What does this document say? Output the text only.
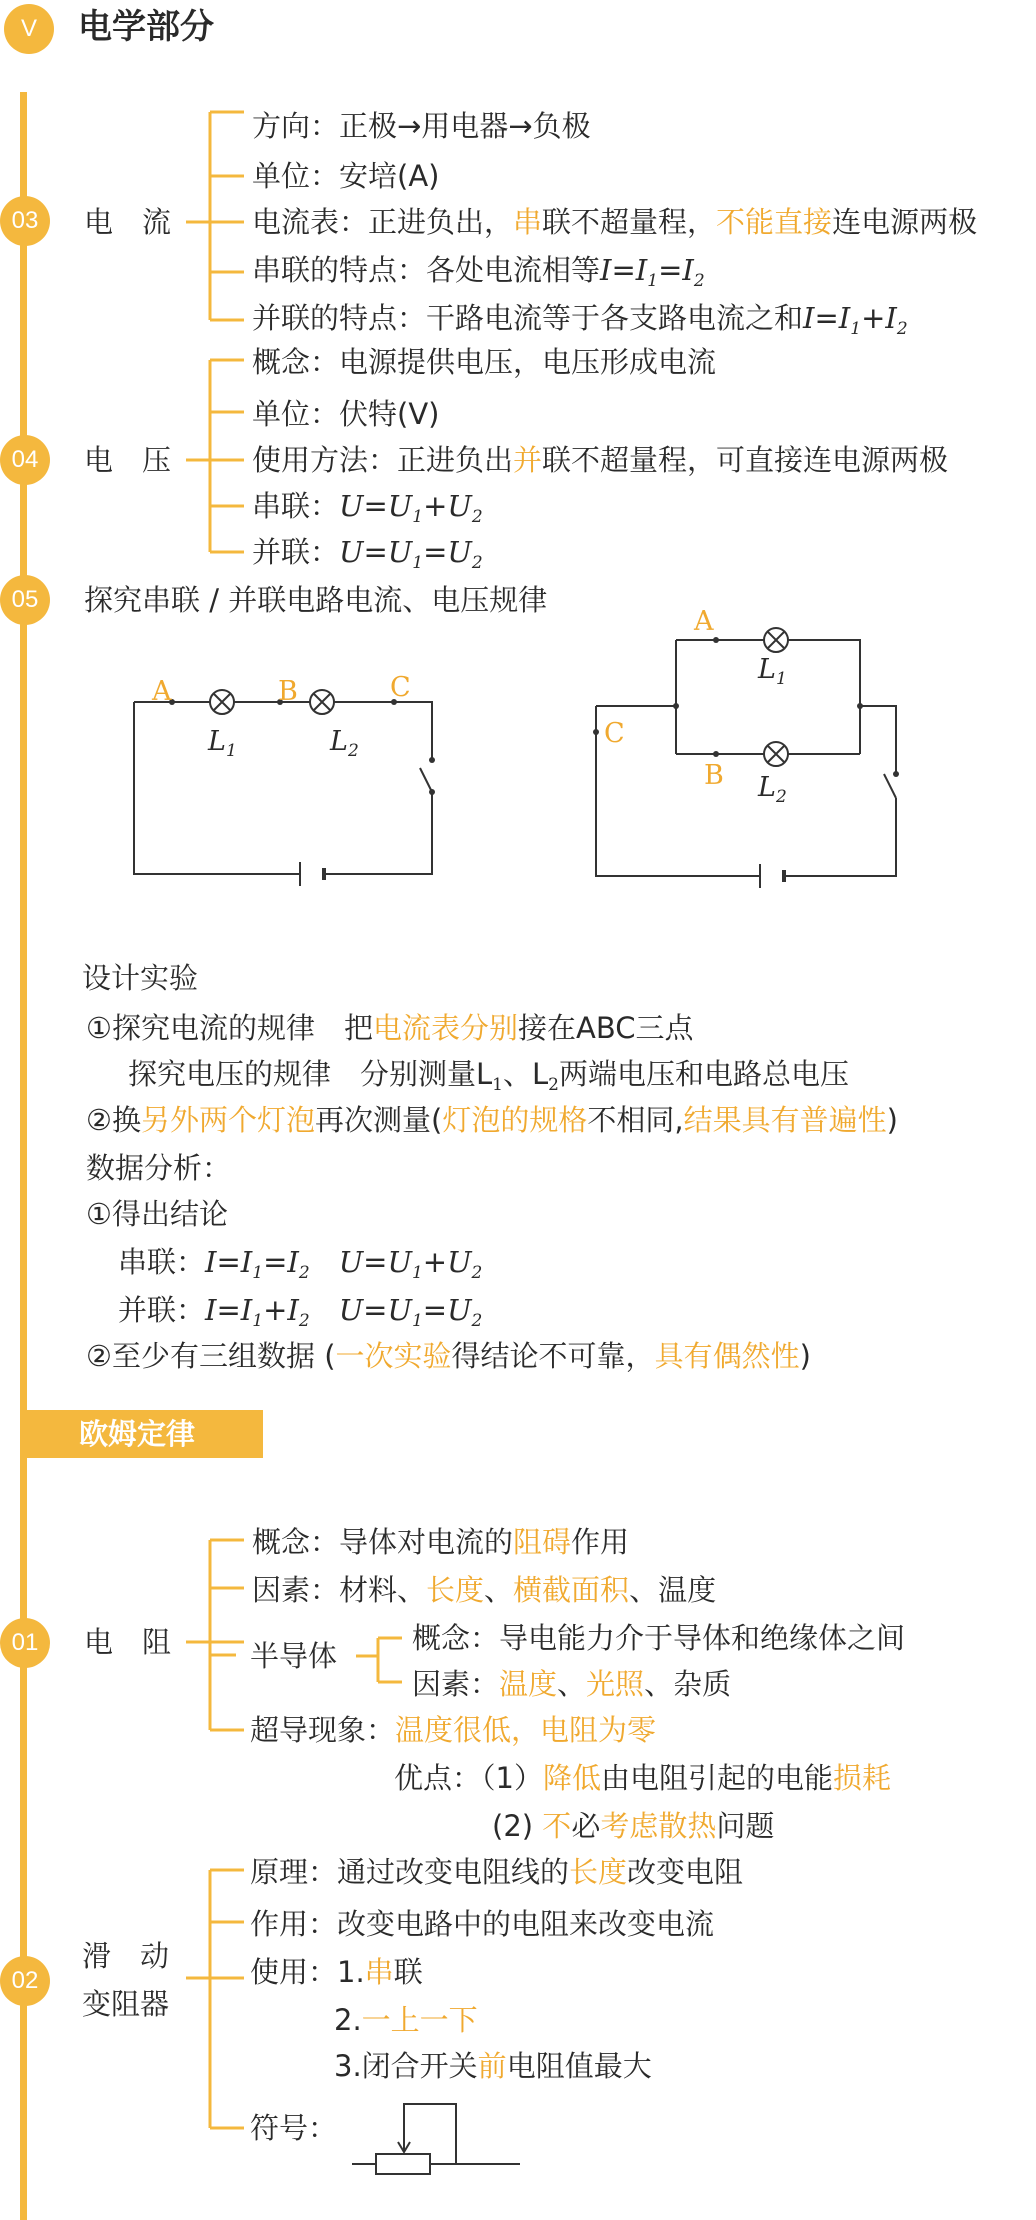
V	电学部分
03	电　流
方向：正极→用电器→负极
单位：安培(A)
电流表：正进负出，串联不超量程，不能直接连电源两极
串联的特点：各处电流相等$I=I_1=I_2$
并联的特点：干路电流等于各支路电流之和$I=I_1+I_2$
04	电　压
概念：电源提供电压，电压形成电流
单位：伏特(V)
使用方法：正进负出并联不超量程，可直接连电源两极
串联：$U=U_1+U_2$
并联：$U=U_1=U_2$
05	探究串联 / 并联电路电流、电压规律
A	B	C
$L_1$	$L_2$
A
B
C
$L_1$
$L_2$
设计实验
①探究电流的规律　把电流表分别接在ABC三点
探究电压的规律　分别测量$L_1$、$L_2$两端电压和电路总电压
②换另外两个灯泡再次测量(灯泡的规格不相同,结果具有普遍性)
数据分析：
①得出结论
串联：$I=I_1=I_2$　 $U=U_1+U_2$
并联：$I=I_1+I_2$　 $U=U_1=U_2$
②至少有三组数据 (一次实验得结论不可靠，具有偶然性)
欧姆定律
01	电　阻
概念：导体对电流的阻碍作用
因素：材料、长度、横截面积、温度
半导体
概念：导电能力介于导体和绝缘体之间
因素：温度、光照、杂质
超导现象：温度很低，电阻为零
优点：（1）降低由电阻引起的电能损耗
(2) 不必考虑散热问题
02
滑　动
变阻器
原理：通过改变电阻线的长度改变电阻
作用：改变电路中的电阻来改变电流
使用：1.串联
2.一上一下
3.闭合开关前电阻值最大
符号：
